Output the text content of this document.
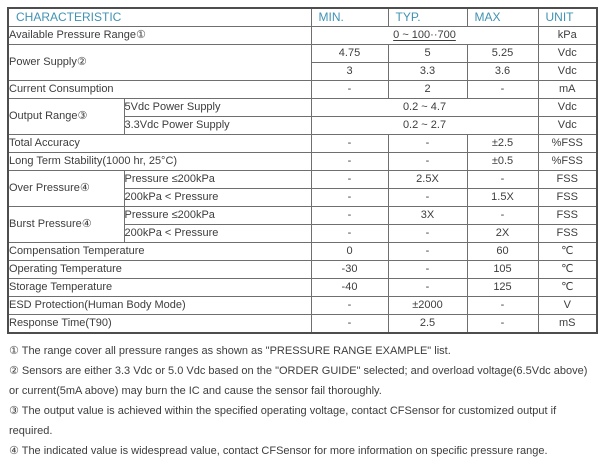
CHARACTERISTIC		MIN.	TYP.	MAX	UNIT
Available Pressure Range①		0 ~ 100··700			kPa
Power Supply②		4.75	5	5.25	Vdc
		3	3.3	3.6	Vdc
Current Consumption		-	2	-	mA
Output Range③	5Vdc Power Supply	0.2 ~ 4.7			Vdc
	3.3Vdc Power Supply	0.2 ~ 2.7			Vdc
Total Accuracy		-	-	±2.5	%FSS
Long Term Stability(1000 hr, 25°C)		-	-	±0.5	%FSS
Over Pressure④	Pressure ≤200kPa	-	2.5X	-	FSS
	200kPa < Pressure	-	-	1.5X	FSS
Burst Pressure④	Pressure ≤200kPa	-	3X	-	FSS
	200kPa < Pressure	-	-	2X	FSS
Compensation Temperature		0	-	60	℃
Operating Temperature		-30	-	105	℃
Storage Temperature		-40	-	125	℃
ESD Protection(Human Body Mode)		-	±2000	-	V
Response Time(T90)		-	2.5	-	mS

① The range cover all pressure ranges as shown as "PRESSURE RANGE EXAMPLE" list.

② Sensors are either 3.3 Vdc or 5.0 Vdc based on the "ORDER GUIDE" selected; and overload voltage(6.5Vdc above) or current(5mA above) may burn the IC and cause the sensor fail thoroughly.

③ The output value is achieved within the specified operating voltage, contact CFSensor for customized output if required.

④ The indicated value is widespread value, contact CFSensor for more information on specific pressure range.
